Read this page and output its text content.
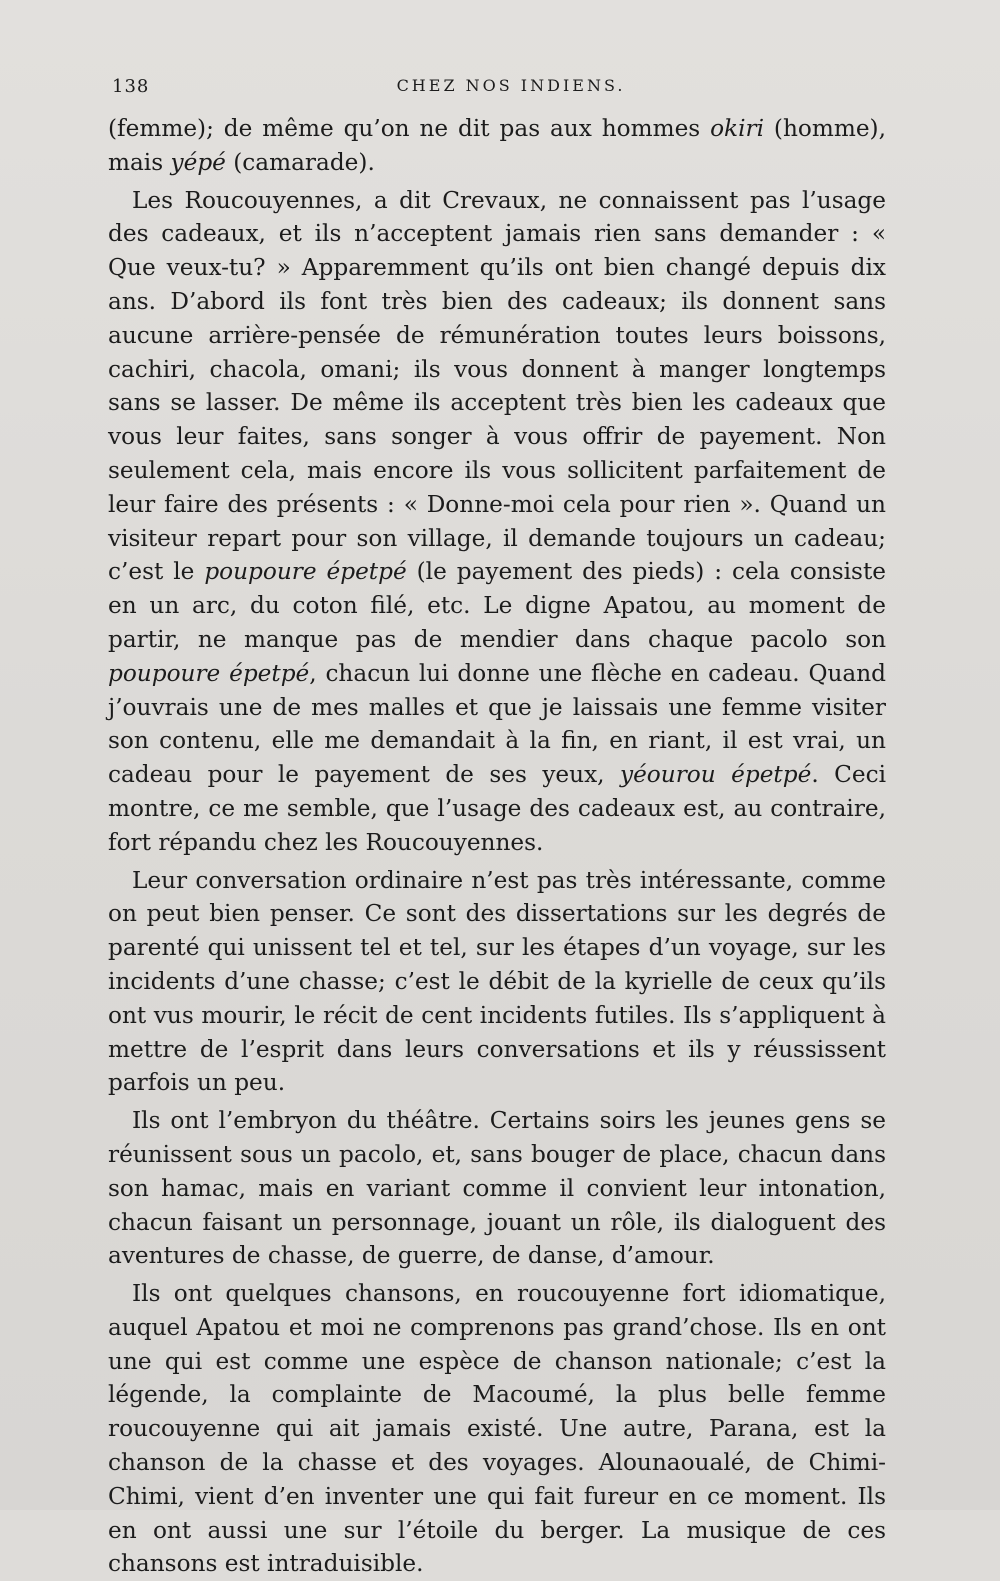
138	CHEZ NOS INDIENS.

(femme); de même qu’on ne dit pas aux hommes okiri (homme), mais yépé (camarade).

Les Roucouyennes, a dit Crevaux, ne connaissent pas l’usage des cadeaux, et ils n’acceptent jamais rien sans demander : « Que veux-tu? » Apparemment qu’ils ont bien changé depuis dix ans. D’abord ils font très bien des cadeaux; ils donnent sans aucune arrière-pensée de rémunération toutes leurs boissons, cachiri, chacola, omani; ils vous donnent à manger longtemps sans se lasser. De même ils acceptent très bien les cadeaux que vous leur faites, sans songer à vous offrir de payement. Non seulement cela, mais encore ils vous sollicitent parfaitement de leur faire des présents : « Donne-moi cela pour rien ». Quand un visiteur repart pour son village, il demande toujours un cadeau; c’est le poupoure épetpé (le payement des pieds) : cela consiste en un arc, du coton filé, etc. Le digne Apatou, au moment de partir, ne manque pas de mendier dans chaque pacolo son poupoure épetpé, chacun lui donne une flèche en cadeau. Quand j’ouvrais une de mes malles et que je laissais une femme visiter son contenu, elle me demandait à la fin, en riant, il est vrai, un cadeau pour le payement de ses yeux, yéourou épetpé. Ceci montre, ce me semble, que l’usage des cadeaux est, au contraire, fort répandu chez les Roucouyennes.

Leur conversation ordinaire n’est pas très intéressante, comme on peut bien penser. Ce sont des dissertations sur les degrés de parenté qui unissent tel et tel, sur les étapes d’un voyage, sur les incidents d’une chasse; c’est le débit de la kyrielle de ceux qu’ils ont vus mourir, le récit de cent incidents futiles. Ils s’appliquent à mettre de l’esprit dans leurs conversations et ils y réussissent parfois un peu.

Ils ont l’embryon du théâtre. Certains soirs les jeunes gens se réunissent sous un pacolo, et, sans bouger de place, chacun dans son hamac, mais en variant comme il convient leur intonation, chacun faisant un personnage, jouant un rôle, ils dialoguent des aventures de chasse, de guerre, de danse, d’amour.

Ils ont quelques chansons, en roucouyenne fort idiomatique, auquel Apatou et moi ne comprenons pas grand’chose. Ils en ont une qui est comme une espèce de chanson nationale; c’est la légende, la complainte de Macoumé, la plus belle femme roucouyenne qui ait jamais existé. Une autre, Parana, est la chanson de la chasse et des voyages. Alounaoualé, de Chimi-Chimi, vient d’en inventer une qui fait fureur en ce moment. Ils en ont aussi une sur l’étoile du berger. La musique de ces chansons est intraduisible.
